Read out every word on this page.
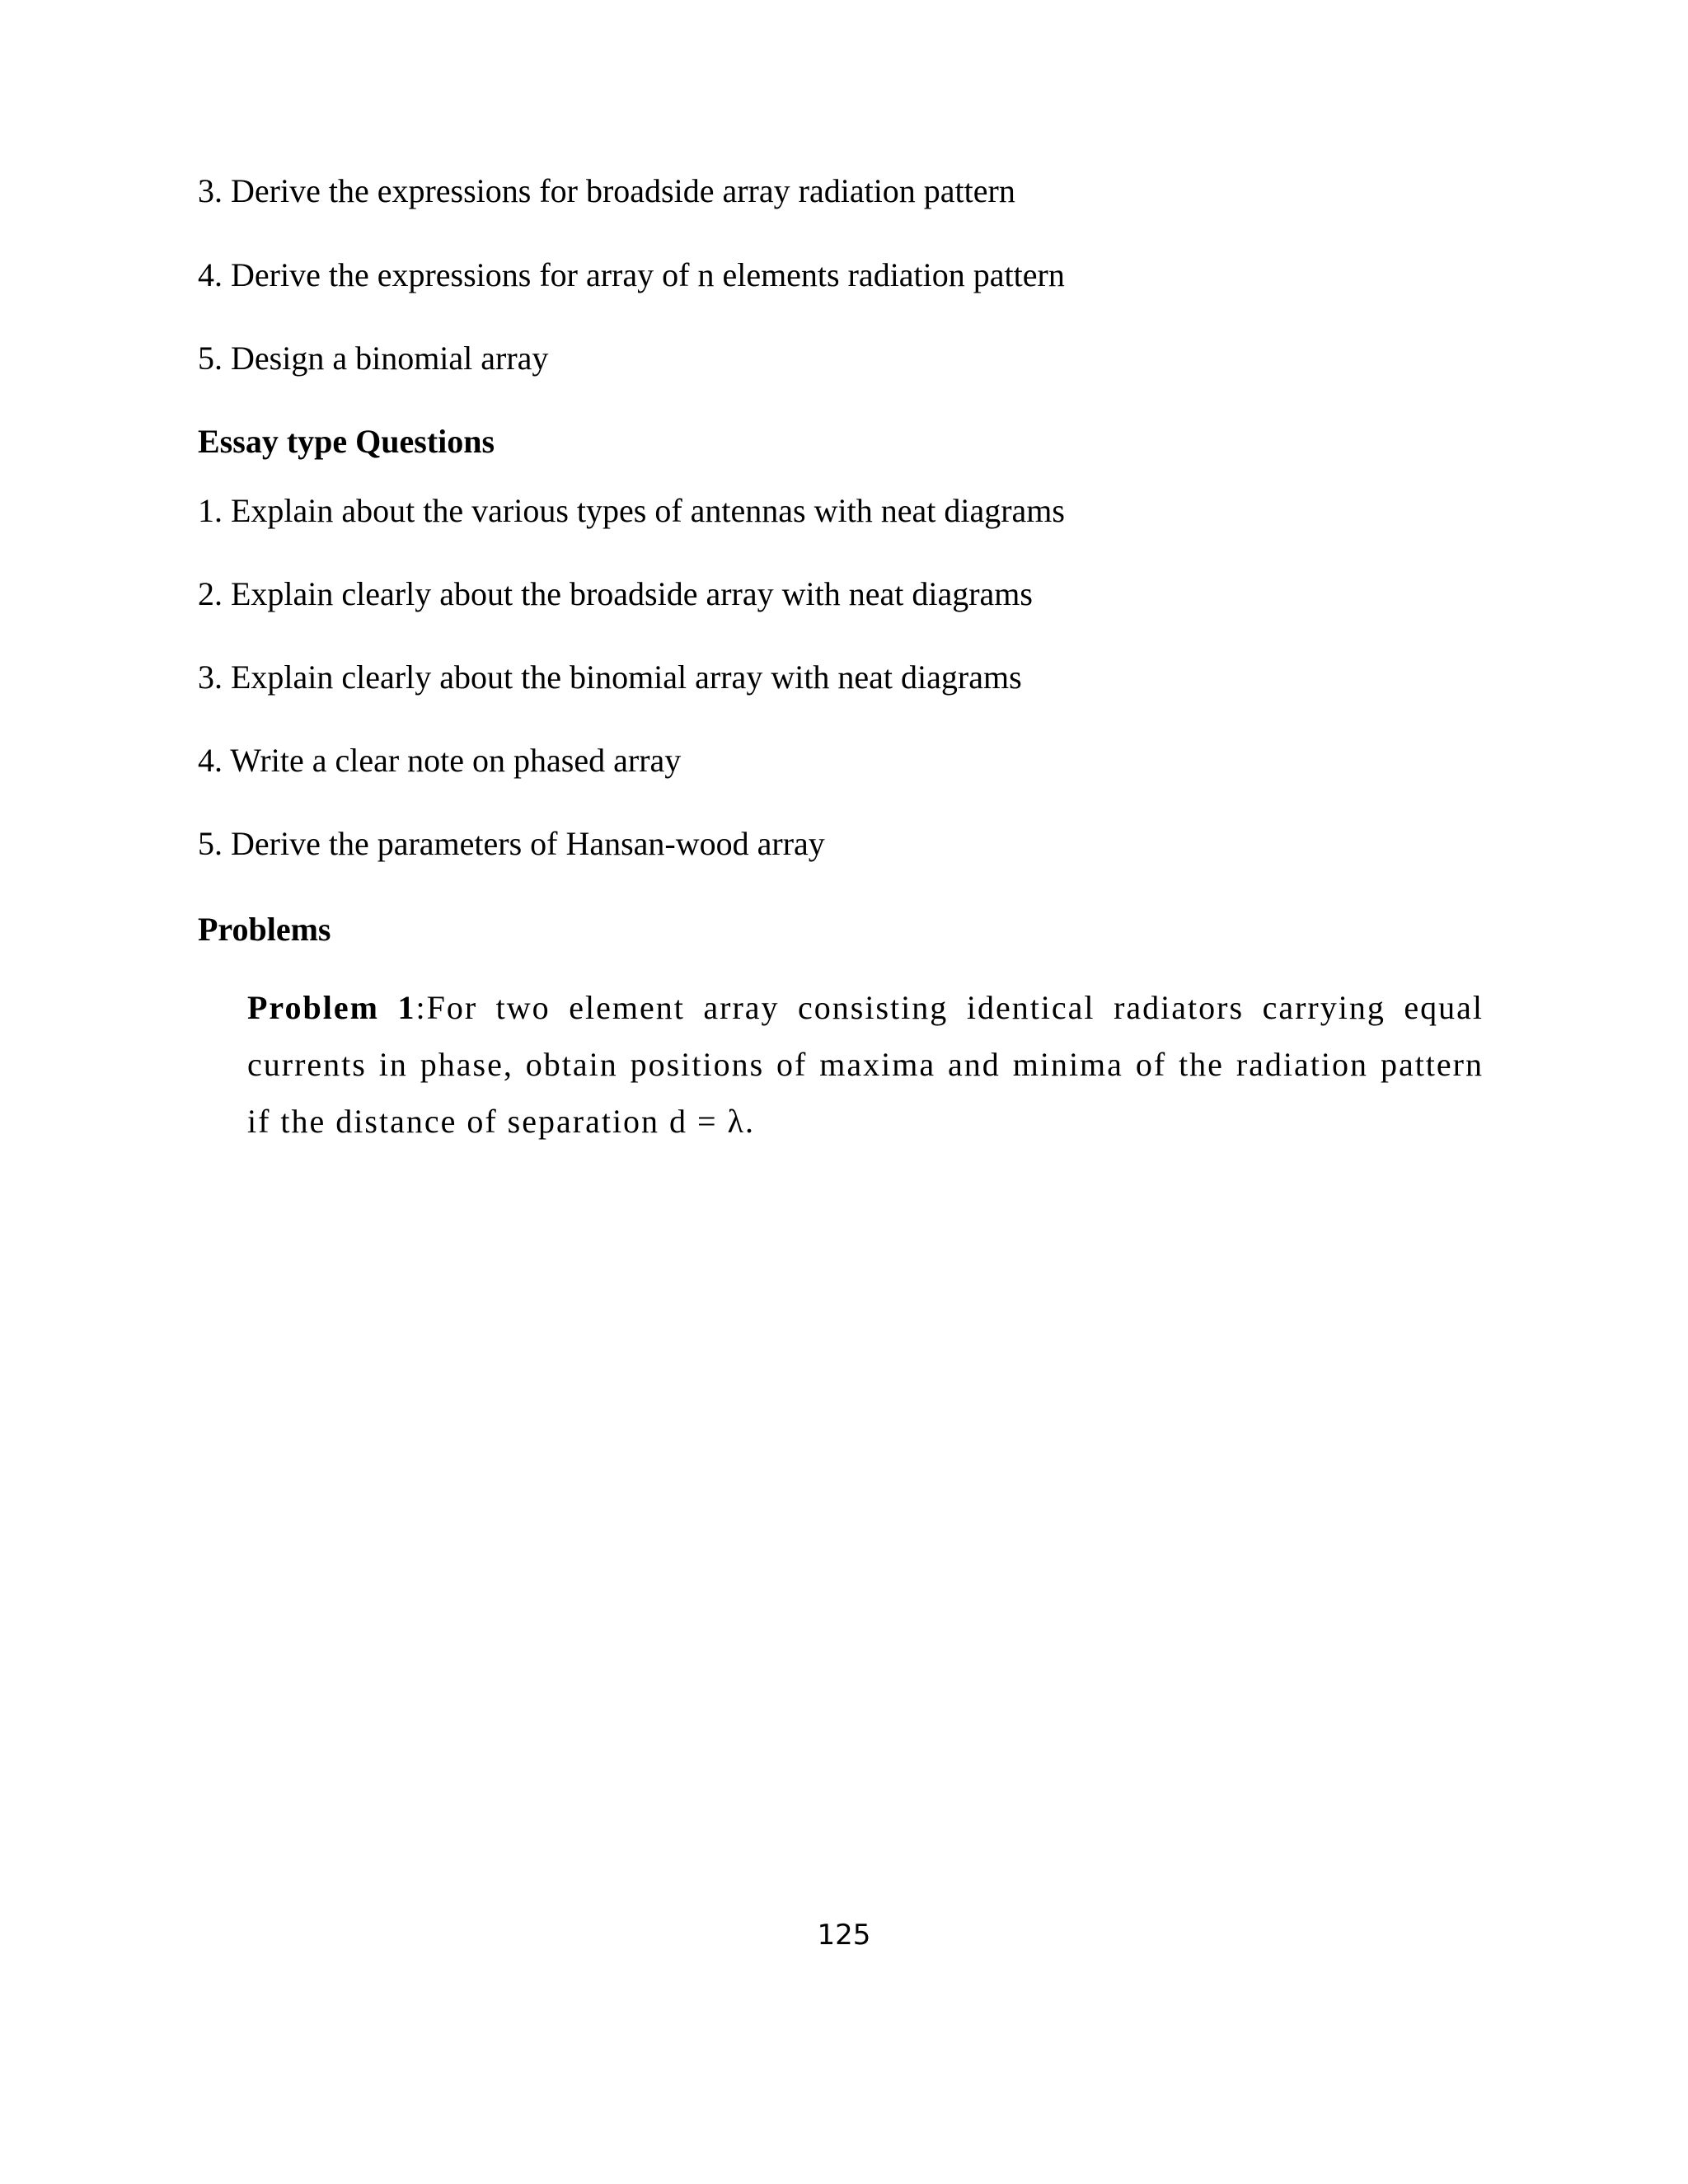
3. Derive the expressions for broadside array radiation pattern
4. Derive the expressions for array of n elements radiation pattern
5. Design a binomial array
Essay type Questions
1. Explain about the various types of antennas with neat diagrams
2. Explain clearly about the broadside array with neat diagrams
3. Explain clearly about the binomial array with neat diagrams
4. Write a clear note on phased array
5. Derive the parameters of Hansan-wood array
Problems
Problem 1:For two element array consisting identical radiators carrying equal currents in phase, obtain positions of maxima and minima of the radiation pattern if the distance of separation d = λ.
125
